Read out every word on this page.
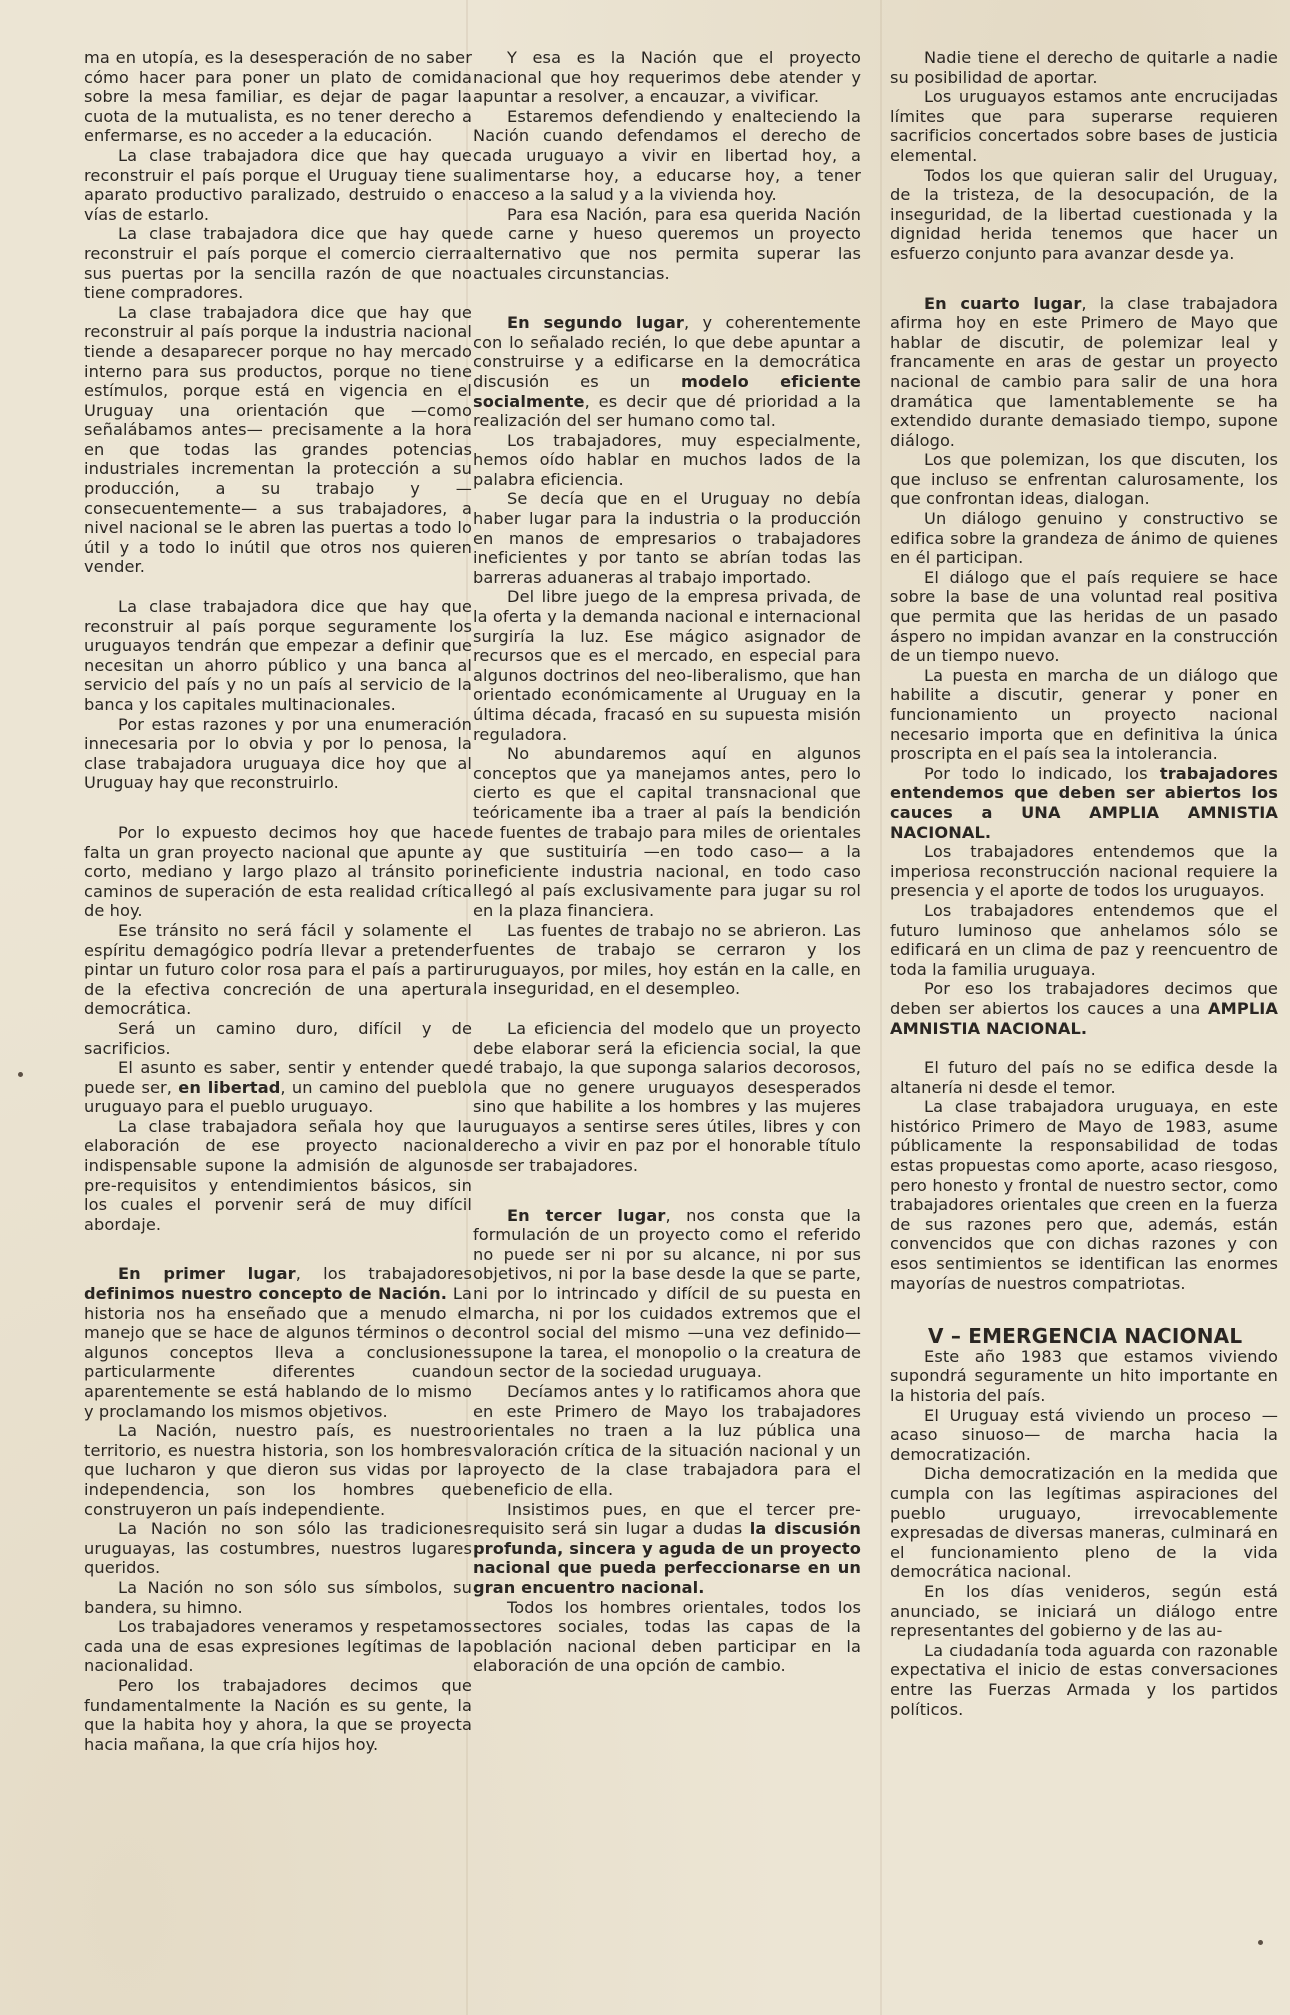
ma en utopía, es la desesperación de no saber cómo hacer para poner un plato de comida sobre la mesa familiar, es dejar de pagar la cuota de la mutualista, es no tener derecho a enfermarse, es no acceder a la educación.

La clase trabajadora dice que hay que reconstruir el país porque el Uruguay tiene su aparato productivo paralizado, destruido o en vías de estarlo.

La clase trabajadora dice que hay que reconstruir el país porque el comercio cierra sus puertas por la sencilla razón de que no tiene compradores.

La clase trabajadora dice que hay que reconstruir al país porque la industria nacional tiende a desaparecer porque no hay mercado interno para sus productos, porque no tiene estímulos, porque está en vigencia en el Uruguay una orientación que —como señalábamos antes— precisamente a la hora en que todas las grandes potencias industriales incrementan la protección a su producción, a su trabajo y —consecuentemente— a sus trabajadores, a nivel nacional se le abren las puertas a todo lo útil y a todo lo inútil que otros nos quieren vender.

La clase trabajadora dice que hay que reconstruir al país porque seguramente los uruguayos tendrán que empezar a definir que necesitan un ahorro público y una banca al servicio del país y no un país al servicio de la banca y los capitales multinacionales.

Por estas razones y por una enumeración innecesaria por lo obvia y por lo penosa, la clase trabajadora uruguaya dice hoy que al Uruguay hay que reconstruirlo.

Por lo expuesto decimos hoy que hace falta un gran proyecto nacional que apunte a corto, mediano y largo plazo al tránsito por caminos de superación de esta realidad crítica de hoy.

Ese tránsito no será fácil y solamente el espíritu demagógico podría llevar a pretender pintar un futuro color rosa para el país a partir de la efectiva concreción de una apertura democrática.

Será un camino duro, difícil y de sacrificios.

El asunto es saber, sentir y entender que puede ser, en libertad, un camino del pueblo uruguayo para el pueblo uruguayo.

La clase trabajadora señala hoy que la elaboración de ese proyecto nacional indispensable supone la admisión de algunos pre-requisitos y entendimientos básicos, sin los cuales el porvenir será de muy difícil abordaje.

En primer lugar, los trabajadores definimos nuestro concepto de Nación. La historia nos ha enseñado que a menudo el manejo que se hace de algunos términos o de algunos conceptos lleva a conclusiones particularmente diferentes cuando aparentemente se está hablando de lo mismo y proclamando los mismos objetivos.

La Nación, nuestro país, es nuestro territorio, es nuestra historia, son los hombres que lucharon y que dieron sus vidas por la independencia, son los hombres que construyeron un país independiente.

La Nación no son sólo las tradiciones uruguayas, las costumbres, nuestros lugares queridos.

La Nación no son sólo sus símbolos, su bandera, su himno.

Los trabajadores veneramos y respetamos cada una de esas expresiones legítimas de la nacionalidad.

Pero los trabajadores decimos que fundamentalmente la Nación es su gente, la que la habita hoy y ahora, la que se proyecta hacia mañana, la que cría hijos hoy.

Y esa es la Nación que el proyecto nacional que hoy requerimos debe atender y apuntar a resolver, a encauzar, a vivificar.

Estaremos defendiendo y enalteciendo la Nación cuando defendamos el derecho de cada uruguayo a vivir en libertad hoy, a alimentarse hoy, a educarse hoy, a tener acceso a la salud y a la vivienda hoy.

Para esa Nación, para esa querida Nación de carne y hueso queremos un proyecto alternativo que nos permita superar las actuales circunstancias.

En segundo lugar, y coherentemente con lo señalado recién, lo que debe apuntar a construirse y a edificarse en la democrática discusión es un modelo eficiente socialmente, es decir que dé prioridad a la realización del ser humano como tal.

Los trabajadores, muy especialmente, hemos oído hablar en muchos lados de la palabra eficiencia.

Se decía que en el Uruguay no debía haber lugar para la industria o la producción en manos de empresarios o trabajadores ineficientes y por tanto se abrían todas las barreras aduaneras al trabajo importado.

Del libre juego de la empresa privada, de la oferta y la demanda nacional e internacional surgiría la luz. Ese mágico asignador de recursos que es el mercado, en especial para algunos doctrinos del neo-liberalismo, que han orientado económicamente al Uruguay en la última década, fracasó en su supuesta misión reguladora.

No abundaremos aquí en algunos conceptos que ya manejamos antes, pero lo cierto es que el capital transnacional que teóricamente iba a traer al país la bendición de fuentes de trabajo para miles de orientales y que sustituiría —en todo caso— a la ineficiente industria nacional, en todo caso llegó al país exclusivamente para jugar su rol en la plaza financiera.

Las fuentes de trabajo no se abrieron. Las fuentes de trabajo se cerraron y los uruguayos, por miles, hoy están en la calle, en la inseguridad, en el desempleo.

La eficiencia del modelo que un proyecto debe elaborar será la eficiencia social, la que dé trabajo, la que suponga salarios decorosos, la que no genere uruguayos desesperados sino que habilite a los hombres y las mujeres uruguayos a sentirse seres útiles, libres y con derecho a vivir en paz por el honorable título de ser trabajadores.

En tercer lugar, nos consta que la formulación de un proyecto como el referido no puede ser ni por su alcance, ni por sus objetivos, ni por la base desde la que se parte, ni por lo intrincado y difícil de su puesta en marcha, ni por los cuidados extremos que el control social del mismo —una vez definido— supone la tarea, el monopolio o la creatura de un sector de la sociedad uruguaya.

Decíamos antes y lo ratificamos ahora que en este Primero de Mayo los trabajadores orientales no traen a la luz pública una valoración crítica de la situación nacional y un proyecto de la clase trabajadora para el beneficio de ella.

Insistimos pues, en que el tercer pre-requisito será sin lugar a dudas la discusión profunda, sincera y aguda de un proyecto nacional que pueda perfeccionarse en un gran encuentro nacional.

Todos los hombres orientales, todos los sectores sociales, todas las capas de la población nacional deben participar en la elaboración de una opción de cambio.

Nadie tiene el derecho de quitarle a nadie su posibilidad de aportar.

Los uruguayos estamos ante encrucijadas límites que para superarse requieren sacrificios concertados sobre bases de justicia elemental.

Todos los que quieran salir del Uruguay, de la tristeza, de la desocupación, de la inseguridad, de la libertad cuestionada y la dignidad herida tenemos que hacer un esfuerzo conjunto para avanzar desde ya.

En cuarto lugar, la clase trabajadora afirma hoy en este Primero de Mayo que hablar de discutir, de polemizar leal y francamente en aras de gestar un proyecto nacional de cambio para salir de una hora dramática que lamentablemente se ha extendido durante demasiado tiempo, supone diálogo.

Los que polemizan, los que discuten, los que incluso se enfrentan calurosamente, los que confrontan ideas, dialogan.

Un diálogo genuino y constructivo se edifica sobre la grandeza de ánimo de quienes en él participan.

El diálogo que el país requiere se hace sobre la base de una voluntad real positiva que permita que las heridas de un pasado áspero no impidan avanzar en la construcción de un tiempo nuevo.

La puesta en marcha de un diálogo que habilite a discutir, generar y poner en funcionamiento un proyecto nacional necesario importa que en definitiva la única proscripta en el país sea la intolerancia.

Por todo lo indicado, los trabajadores entendemos que deben ser abiertos los cauces a UNA AMPLIA AMNISTIA NACIONAL.

Los trabajadores entendemos que la imperiosa reconstrucción nacional requiere la presencia y el aporte de todos los uruguayos.

Los trabajadores entendemos que el futuro luminoso que anhelamos sólo se edificará en un clima de paz y reencuentro de toda la familia uruguaya.

Por eso los trabajadores decimos que deben ser abiertos los cauces a una AMPLIA AMNISTIA NACIONAL.

El futuro del país no se edifica desde la altanería ni desde el temor.

La clase trabajadora uruguaya, en este histórico Primero de Mayo de 1983, asume públicamente la responsabilidad de todas estas propuestas como aporte, acaso riesgoso, pero honesto y frontal de nuestro sector, como trabajadores orientales que creen en la fuerza de sus razones pero que, además, están convencidos que con dichas razones y con esos sentimientos se identifican las enormes mayorías de nuestros compatriotas.

V – EMERGENCIA NACIONAL

Este año 1983 que estamos viviendo supondrá seguramente un hito importante en la historia del país.

El Uruguay está viviendo un proceso —acaso sinuoso— de marcha hacia la democratización.

Dicha democratización en la medida que cumpla con las legítimas aspiraciones del pueblo uruguayo, irrevocablemente expresadas de diversas maneras, culminará en el funcionamiento pleno de la vida democrática nacional.

En los días venideros, según está anunciado, se iniciará un diálogo entre representantes del gobierno y de las au-

La ciudadanía toda aguarda con razonable expectativa el inicio de estas conversaciones entre las Fuerzas Armada y los partidos políticos.
